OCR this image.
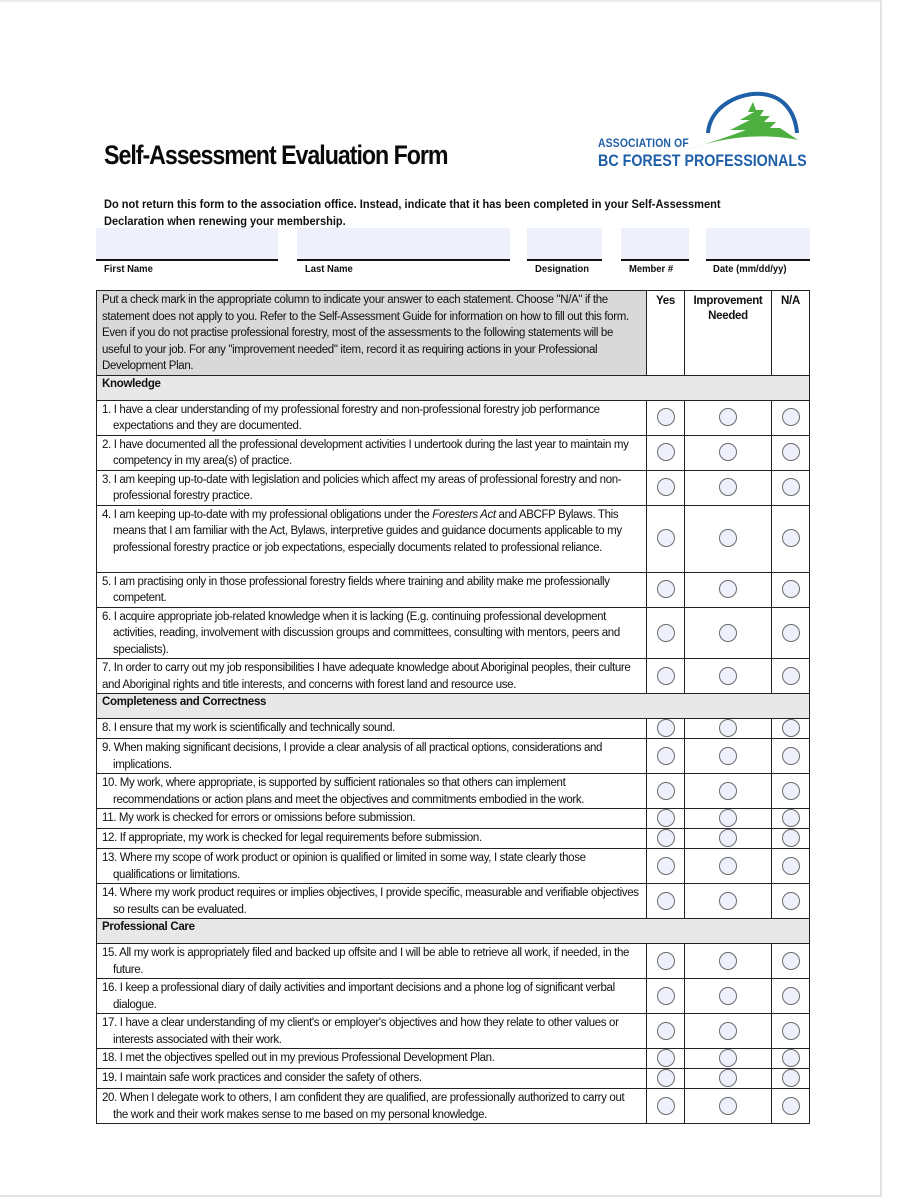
Self-Assessment Evaluation Form	ASSOCIATION OF
BC FOREST PROFESSIONALS
Do not return this form to the association office. Instead, indicate that it has been completed in your Self-Assessment Declaration when renewing your membership.
First Name	Last Name	Designation	Member #	Date (mm/dd/yy)
Put a check mark in the appropriate column to indicate your answer to each statement. Choose "N/A" if the statement does not apply to you. Refer to the Self-Assessment Guide for information on how to fill out this form. Even if you do not practise professional forestry, most of the assessments to the following statements will be useful to your job. For any "improvement needed" item, record it as requiring actions in your Professional Development Plan.	Yes	Improvement Needed	N/A
Knowledge			

1. I have a clear understanding of my professional forestry and non-professional forestry job performance expectations and they are documented.			

2. I have documented all the professional development activities I undertook during the last year to maintain my competency in my area(s) of practice.			

3. I am keeping up-to-date with legislation and policies which affect my areas of professional forestry and non-professional forestry practice.			

4. I am keeping up-to-date with my professional obligations under the Foresters Act and ABCFP Bylaws. This means that I am familiar with the Act, Bylaws, interpretive guides and guidance documents applicable to my professional forestry practice or job expectations, especially documents related to professional reliance.			

5. I am practising only in those professional forestry fields where training and ability make me professionally competent.			

6. I acquire appropriate job-related knowledge when it is lacking (E.g. continuing professional development activities, reading, involvement with discussion groups and committees, consulting with mentors, peers and specialists).			

7. In order to carry out my job responsibilities I have adequate knowledge about Aboriginal peoples, their culture and Aboriginal rights and title interests, and concerns with forest land and resource use.			
Completeness and Correctness			

8. I ensure that my work is scientifically and technically sound.			

9. When making significant decisions, I provide a clear analysis of all practical options, considerations and implications.			

10. My work, where appropriate, is supported by sufficient rationales so that others can implement recommendations or action plans and meet the objectives and commitments embodied in the work.			

11. My work is checked for errors or omissions before submission.			

12. If appropriate, my work is checked for legal requirements before submission.			

13. Where my scope of work product or opinion is qualified or limited in some way, I state clearly those qualifications or limitations.			

14. Where my work product requires or implies objectives, I provide specific, measurable and verifiable objectives so results can be evaluated.			

Professional Care			

15. All my work is appropriately filed and backed up offsite and I will be able to retrieve all work, if needed, in the future.			

16. I keep a professional diary of daily activities and important decisions and a phone log of significant verbal dialogue.			

17. I have a clear understanding of my client's or employer's objectives and how they relate to other values or interests associated with their work.			

18. I met the objectives spelled out in my previous Professional Development Plan.			

19. I maintain safe work practices and consider the safety of others.			

20. When I delegate work to others, I am confident they are qualified, are professionally authorized to carry out the work and their work makes sense to me based on my personal knowledge.			
